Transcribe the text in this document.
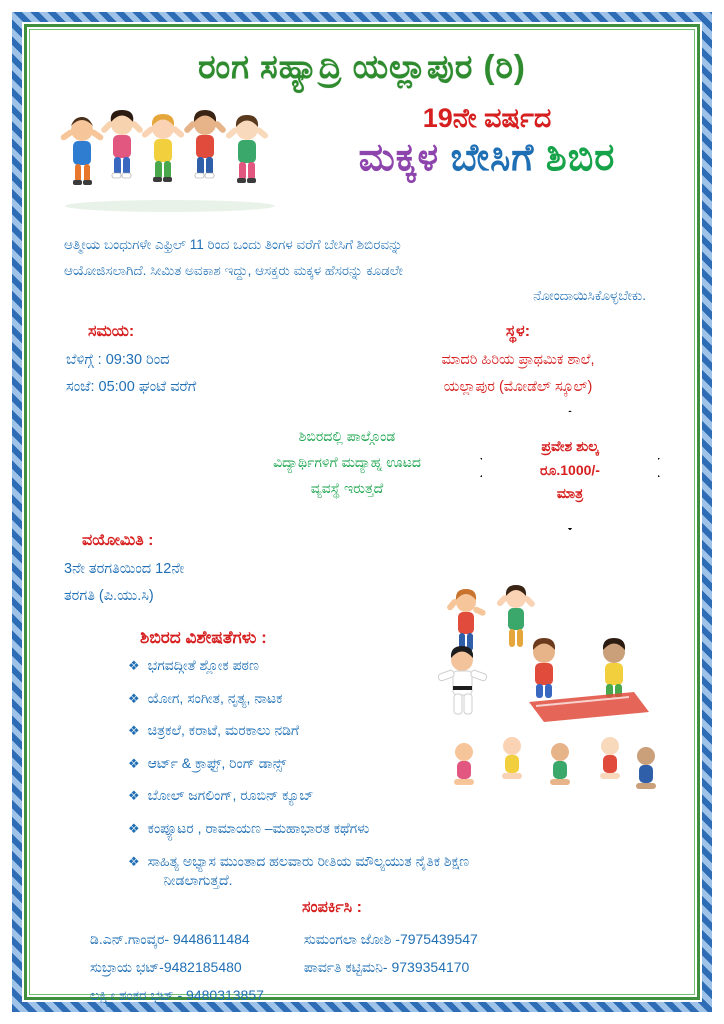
ರಂಗ ಸಹ್ಯಾದ್ರಿ ಯಲ್ಲಾಪುರ (ರಿ)
19ನೇ ವರ್ಷದ
ಮಕ್ಕಳ ಬೇಸಿಗೆ ಶಿಬಿರ
ಆತ್ಮೀಯ ಬಂಧುಗಳೇ ಎಫ್ರಿಲ್ 11 ರಿಂದ ಒಂದು ತಿಂಗಳ ವರೆಗೆ ಬೇಸಿಗೆ ಶಿಬಿರವನ್ನು
ಆಯೋಜಿಸಲಾಗಿದೆ. ಸೀಮಿತ ಅವಕಾಶ ಇದ್ದು, ಆಸಕ್ತರು ಮಕ್ಕಳ ಹೆಸರನ್ನು ಕೂಡಲೇ
ನೋಂದಾಯಿಸಿಕೊಳ್ಳಬೇಕು.
ಸಮಯ:
ಬೆಳಿಗ್ಗೆ : 09:30 ರಿಂದ
ಸಂಜೆ: 05:00 ಘಂಟೆ ವರೆಗೆ
ಸ್ಥಳ:
ಮಾದರಿ ಹಿರಿಯ ಪ್ರಾಥಮಿಕ ಶಾಲೆ,
ಯಲ್ಲಾಪುರ (ಮೋಡೆಲ್ ಸ್ಕೂಲ್)
ಶಿಬಿರದಲ್ಲಿ ಪಾಲ್ಗೊಂಡ
ವಿದ್ಯಾರ್ಥಿಗಳಿಗೆ ಮದ್ಯಾಹ್ನ ಊಟದ
ವ್ಯವಸ್ಥೆ ಇರುತ್ತದೆ
ಪ್ರವೇಶ ಶುಲ್ಕ
ರೂ.1000/-
ಮಾತ್ರ
ವಯೋಮಿತಿ :
3ನೇ ತರಗತಿಯಿಂದ 12ನೇ
ತರಗತಿ (ಪಿ.ಯು.ಸಿ)
ಶಿಬಿರದ ವಿಶೇಷತೆಗಳು :
❖ ಭಗವದ್ಗೀತೆ ಶ್ಲೋಕ ಪಠಣ
❖ ಯೋಗ, ಸಂಗೀತ, ನೃತ್ಯ, ನಾಟಕ
❖ ಚಿತ್ರಕಲೆ, ಕರಾಟೆ, ಮರಕಾಲು ನಡಿಗೆ
❖ ಆರ್ಟ್ & ಕ್ರಾಫ್ಟ್, ರಿಂಗ್ ಡಾನ್ಸ್
❖ ಬೋಲ್ ಜಗಲಿಂಗ್, ರೂಬಿನ್ ಕ್ಯೂಬ್
❖ ಕಂಪ್ಯೂಟರ , ರಾಮಾಯಣ –ಮಹಾಭಾರತ ಕಥೆಗಳು
❖ ಸಾಹಿತ್ಯ ಅಭ್ಯಾಸ ಮುಂತಾದ ಹಲವಾರು ರೀತಿಯ ಮೌಲ್ಯಯುತ ನೈತಿಕ ಶಿಕ್ಷಣ
ನೀಡಲಾಗುತ್ತದೆ.
ಸಂಪರ್ಕಿಸಿ :
ಡಿ.ಎನ್.ಗಾಂವ್ಕರ- 9448611484
ಸುಬ್ರಾಯ ಭಟ್-9482185480
ಲಕ್ಷ್ಮೀ ಶಂಕರ ಭಟ್ - 9480313857
ಸುಮಂಗಲಾ ಜೋಶಿ -7975439547
ಪಾರ್ವತಿ ಕಟ್ಟಿಮನಿ- 9739354170
